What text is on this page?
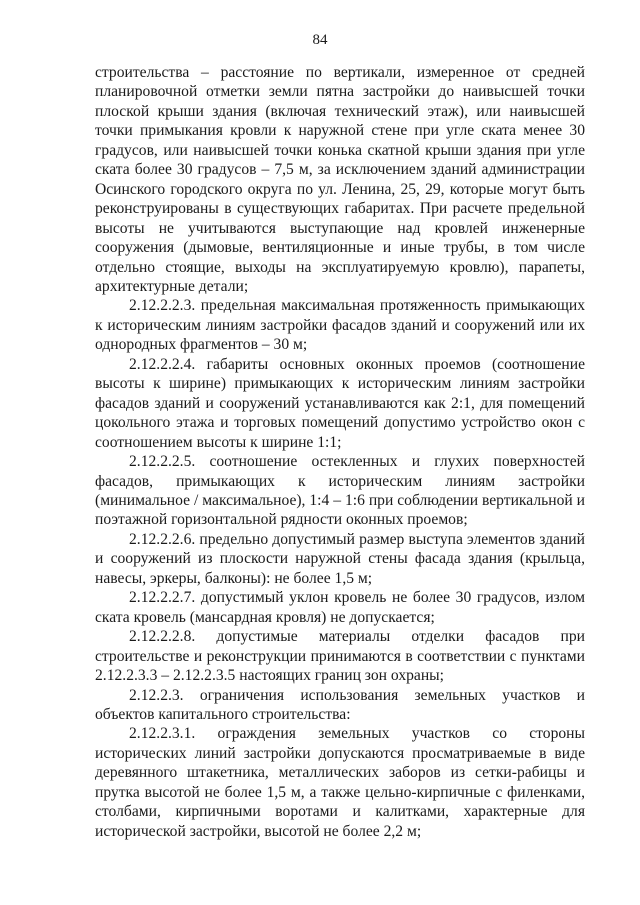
84

строительства – расстояние по вертикали, измеренное от средней планировочной отметки земли пятна застройки до наивысшей точки плоской крыши здания (включая технический этаж), или наивысшей точки примыкания кровли к наружной стене при угле ската менее 30 градусов, или наивысшей точки конька скатной крыши здания при угле ската более 30 градусов – 7,5 м, за исключением зданий администрации Осинского городского округа по ул. Ленина, 25, 29, которые могут быть реконструированы в существующих габаритах. При расчете предельной высоты не учитываются выступающие над кровлей инженерные сооружения (дымовые, вентиляционные и иные трубы, в том числе отдельно стоящие, выходы на эксплуатируемую кровлю), парапеты, архитектурные детали;

2.12.2.2.3. предельная максимальная протяженность примыкающих к историческим линиям застройки фасадов зданий и сооружений или их однородных фрагментов – 30 м;

2.12.2.2.4. габариты основных оконных проемов (соотношение высоты к ширине) примыкающих к историческим линиям застройки фасадов зданий и сооружений устанавливаются как 2:1, для помещений цокольного этажа и торговых помещений допустимо устройство окон с соотношением высоты к ширине 1:1;

2.12.2.2.5. соотношение остекленных и глухих поверхностей фасадов, примыкающих к историческим линиям застройки (минимальное / максимальное), 1:4 – 1:6 при соблюдении вертикальной и поэтажной горизонтальной рядности оконных проемов;

2.12.2.2.6. предельно допустимый размер выступа элементов зданий и сооружений из плоскости наружной стены фасада здания (крыльца, навесы, эркеры, балконы): не более 1,5 м;

2.12.2.2.7. допустимый уклон кровель не более 30 градусов, излом ската кровель (мансардная кровля) не допускается;

2.12.2.2.8. допустимые материалы отделки фасадов при строительстве и реконструкции принимаются в соответствии с пунктами 2.12.2.3.3 – 2.12.2.3.5 настоящих границ зон охраны;

2.12.2.3. ограничения использования земельных участков и объектов капитального строительства:

2.12.2.3.1. ограждения земельных участков со стороны исторических линий застройки допускаются просматриваемые в виде деревянного штакетника, металлических заборов из сетки-рабицы и прутка высотой не более 1,5 м, а также цельно-кирпичные с филенками, столбами, кирпичными воротами и калитками, характерные для исторической застройки, высотой не более 2,2 м;
